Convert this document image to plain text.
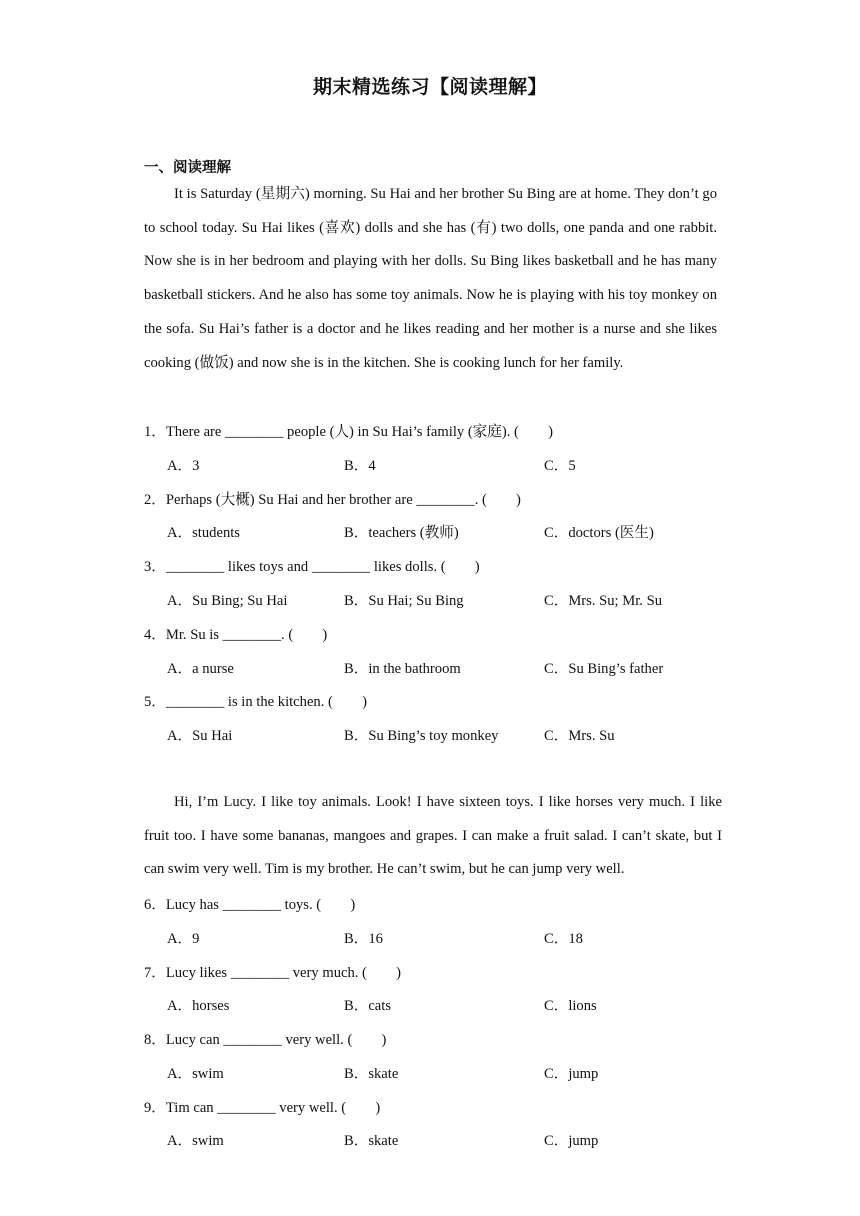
期末精选练习【阅读理解】
一、阅读理解

It is Saturday (星期六) morning. Su Hai and her brother Su Bing are at home. They don’t go to school today. Su Hai likes (喜欢) dolls and she has (有) two dolls, one panda and one rabbit. Now she is in her bedroom and playing with her dolls. Su Bing likes basketball and he has many basketball stickers. And he also has some toy animals. Now he is playing with his toy monkey on the sofa. Su Hai’s father is a doctor and he likes reading and her mother is a nurse and she likes cooking (做饭) and now she is in the kitchen. She is cooking lunch for her family.

1．There are ________ people (人) in Su Hai’s family (家庭). (　　)
A．3	B．4	C．5
2．Perhaps (大概) Su Hai and her brother are ________. (　　)
A．students	B．teachers (教师)	C．doctors (医生)
3．________ likes toys and ________ likes dolls. (　　)
A．Su Bing; Su Hai	B．Su Hai; Su Bing	C．Mrs. Su; Mr. Su
4．Mr. Su is ________. (　　)
A．a nurse	B．in the bathroom	C．Su Bing’s father
5．________ is in the kitchen. (　　)
A．Su Hai	B．Su Bing’s toy monkey	C．Mrs. Su

Hi, I’m Lucy. I like toy animals. Look! I have sixteen toys. I like horses very much. I like fruit too. I have some bananas, mangoes and grapes. I can make a fruit salad. I can’t skate, but I can swim very well. Tim is my brother. He can’t swim, but he can jump very well.

6．Lucy has ________ toys. (　　)
A．9	B．16	C．18
7．Lucy likes ________ very much. (　　)
A．horses	B．cats	C．lions
8．Lucy can ________ very well. (　　)
A．swim	B．skate	C．jump
9．Tim can ________ very well. (　　)
A．swim	B．skate	C．jump
